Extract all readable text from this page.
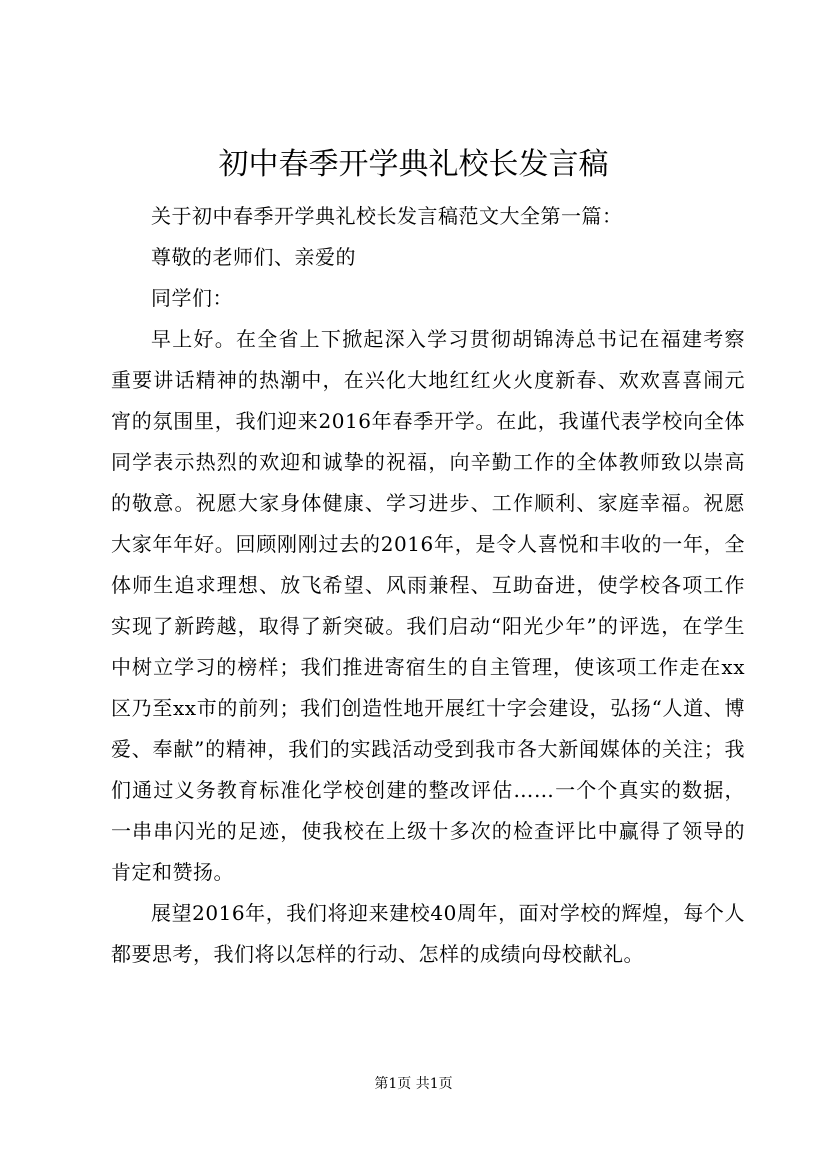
初中春季开学典礼校长发言稿

关于初中春季开学典礼校长发言稿范文大全第一篇：

尊敬的老师们、亲爱的

同学们：

早上好。在全省上下掀起深入学习贯彻胡锦涛总书记在福建考察重要讲话精神的热潮中，在兴化大地红红火火度新春、欢欢喜喜闹元宵的氛围里，我们迎来2016年春季开学。在此，我谨代表学校向全体同学表示热烈的欢迎和诚挚的祝福，向辛勤工作的全体教师致以崇高的敬意。祝愿大家身体健康、学习进步、工作顺利、家庭幸福。祝愿大家年年好。回顾刚刚过去的2016年，是令人喜悦和丰收的一年，全体师生追求理想、放飞希望、风雨兼程、互助奋进，使学校各项工作实现了新跨越，取得了新突破。我们启动“阳光少年”的评选，在学生中树立学习的榜样；我们推进寄宿生的自主管理，使该项工作走在xx区乃至xx市的前列；我们创造性地开展红十字会建设，弘扬“人道、博爱、奉献”的精神，我们的实践活动受到我市各大新闻媒体的关注；我们通过义务教育标准化学校创建的整改评估……一个个真实的数据，一串串闪光的足迹，使我校在上级十多次的检查评比中赢得了领导的肯定和赞扬。

展望2016年，我们将迎来建校40周年，面对学校的辉煌，每个人都要思考，我们将以怎样的行动、怎样的成绩向母校献礼。

第1页 共1页
